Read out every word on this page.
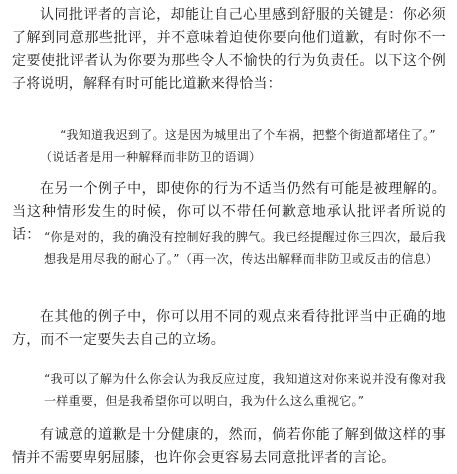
认同批评者的言论，却能让自己心里感到舒服的关键是：你必须了解到同意那些批评，并不意味着迫使你要向他们道歉，有时你不一定要使批评者认为你要为那些令人不愉快的行为负责任。以下这个例子将说明，解释有时可能比道歉来得恰当：

“我知道我迟到了。这是因为城里出了个车祸，把整个街道都堵住了。”

（说话者是用一种解释而非防卫的语调）

在另一个例子中，即使你的行为不适当仍然有可能是被理解的。当这种情形发生的时候，你可以不带任何歉意地承认批评者所说的话： “你是对的，我的确没有控制好我的脾气。我已经提醒过你三四次，最后我想我是用尽我的耐心了。”（再一次，传达出解释而非防卫或反击的信息）

在其他的例子中，你可以用不同的观点来看待批评当中正确的地方，而不一定要失去自己的立场。

“我可以了解为什么你会认为我反应过度，我知道这对你来说并没有像对我一样重要，但是我希望你可以明白，我为什么这么重视它。”

有诚意的道歉是十分健康的，然而，倘若你能了解到做这样的事情并不需要卑躬屈膝，也许你会更容易去同意批评者的言论。
